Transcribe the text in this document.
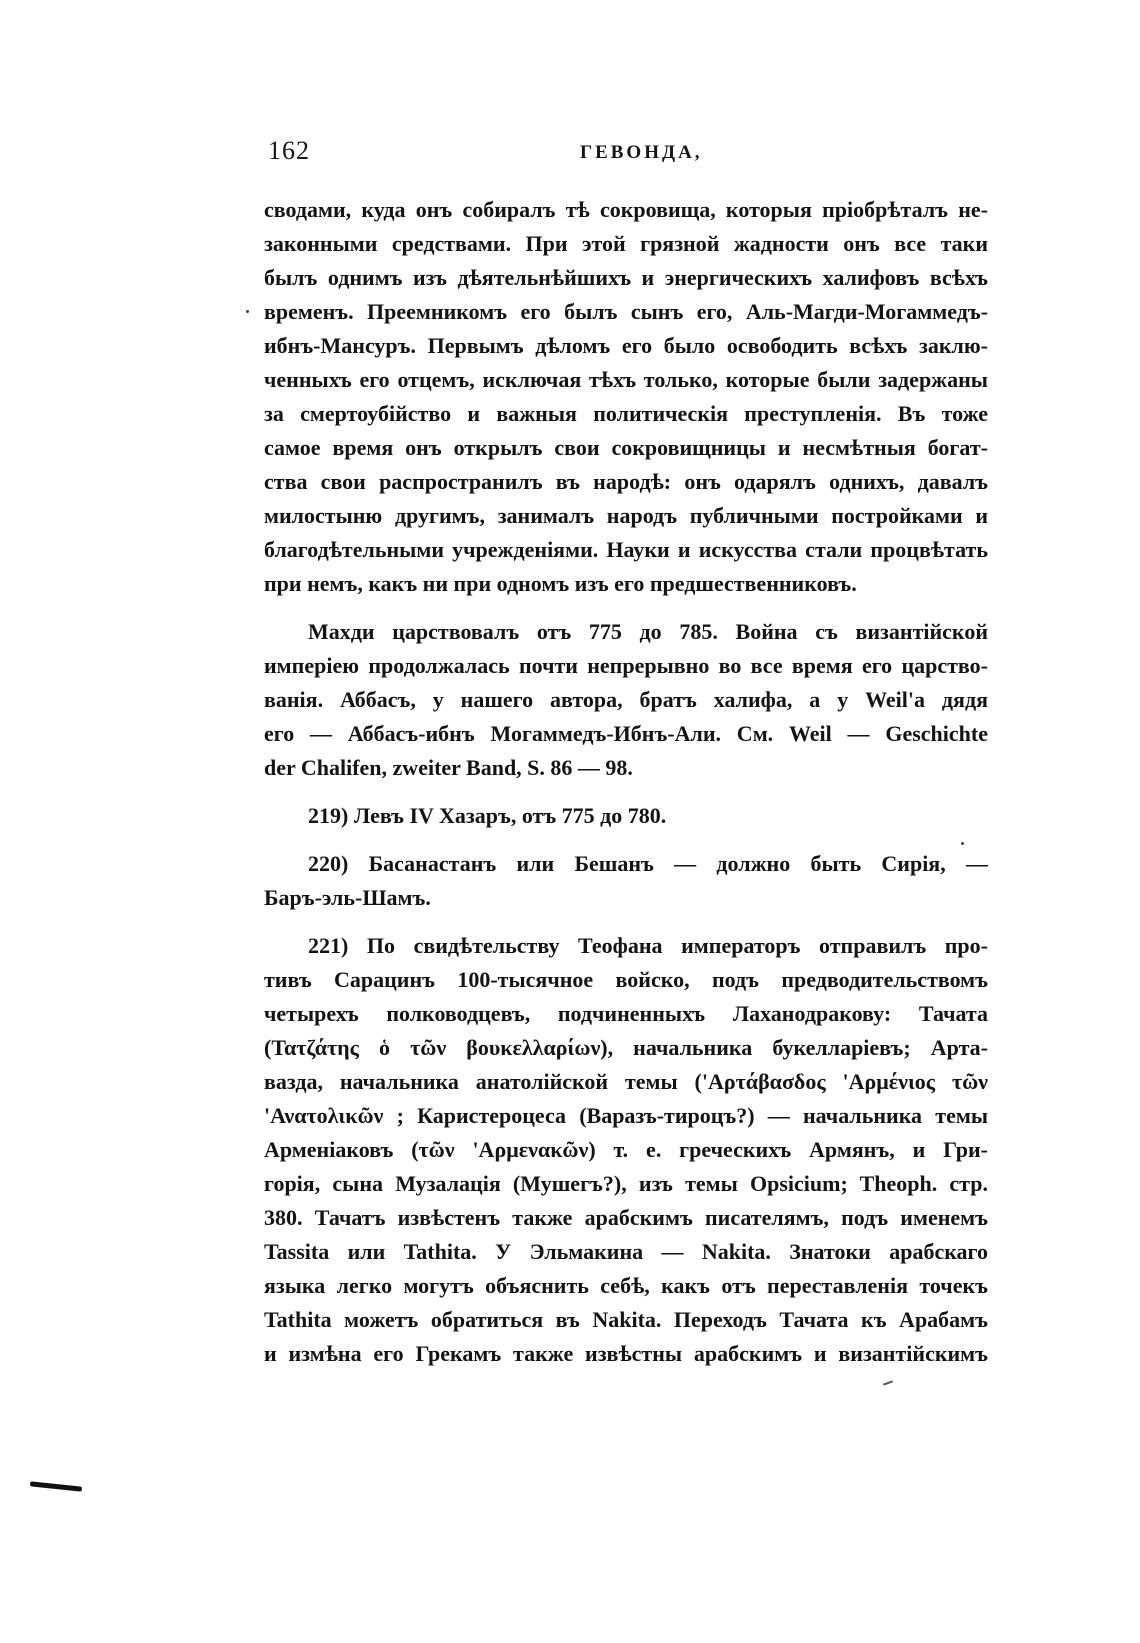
162	ГЕВОНДА,
сводами, куда онъ собиралъ тѣ сокровища, которыя пріобрѣталъ не-
законными средствами. При этой грязной жадности онъ все таки
былъ однимъ изъ дѣятельнѣйшихъ и энергическихъ халифовъ всѣхъ
временъ. Преемникомъ его былъ сынъ его, Аль-Магди-Могаммедъ-
ибнъ-Мансуръ. Первымъ дѣломъ его было освободить всѣхъ заклю-
ченныхъ его отцемъ, исключая тѣхъ только, которые были задержаны
за смертоубійство и важныя политическія преступленія. Въ тоже
самое время онъ открылъ свои сокровищницы и несмѣтныя богат-
ства свои распространилъ въ народѣ: онъ одарялъ однихъ, давалъ
милостыню другимъ, занималъ народъ публичными постройками и
благодѣтельными учрежденіями. Науки и искусства стали процвѣтать
при немъ, какъ ни при одномъ изъ его предшественниковъ.
Махди царствовалъ отъ 775 до 785. Война съ византійской
имперіею продолжалась почти непрерывно во все время его царство-
ванія. Аббасъ, у нашего автора, братъ халифа, а у Weil'а дядя
его — Аббасъ-ибнъ Могаммедъ-Ибнъ-Али. См. Weil — Geschichte
der Chalifen, zweiter Band, S. 86 — 98.
219) Левъ IV Хазаръ, отъ 775 до 780.
220) Басанастанъ или Бешанъ — должно быть Сирія, —
Баръ-эль-Шамъ.
221) По свидѣтельству Теофана императоръ отправилъ про-
тивъ Сарацинъ 100-тысячное войско, подъ предводительствомъ
четырехъ полководцевъ, подчиненныхъ Лаханодракову: Тачата
(Τατζάτης ὁ τῶν βουκελλαρίων), начальника букелларіевъ; Арта-
вазда, начальника анатолійской темы ('Αρτάβασδος 'Αρμένιος τῶν
'Ανατολικῶν ; Каристероцеса (Варазъ-тироцъ?) — начальника темы
Арменіаковъ (τῶν 'Αρμενακῶν) т. е. греческихъ Армянъ, и Гри-
горія, сына Музалація (Мушегъ?), изъ темы Opsicium; Theoph. стр.
380. Тачатъ извѣстенъ также арабскимъ писателямъ, подъ именемъ
Tassita или Tathita. У Эльмакина — Nakita. Знатоки арабскаго
языка легко могутъ объяснить себѣ, какъ отъ переставленія точекъ
Tathita можетъ обратиться въ Nakita. Переходъ Тачата къ Арабамъ
и измѣна его Грекамъ также извѣстны арабскимъ и византійскимъ
